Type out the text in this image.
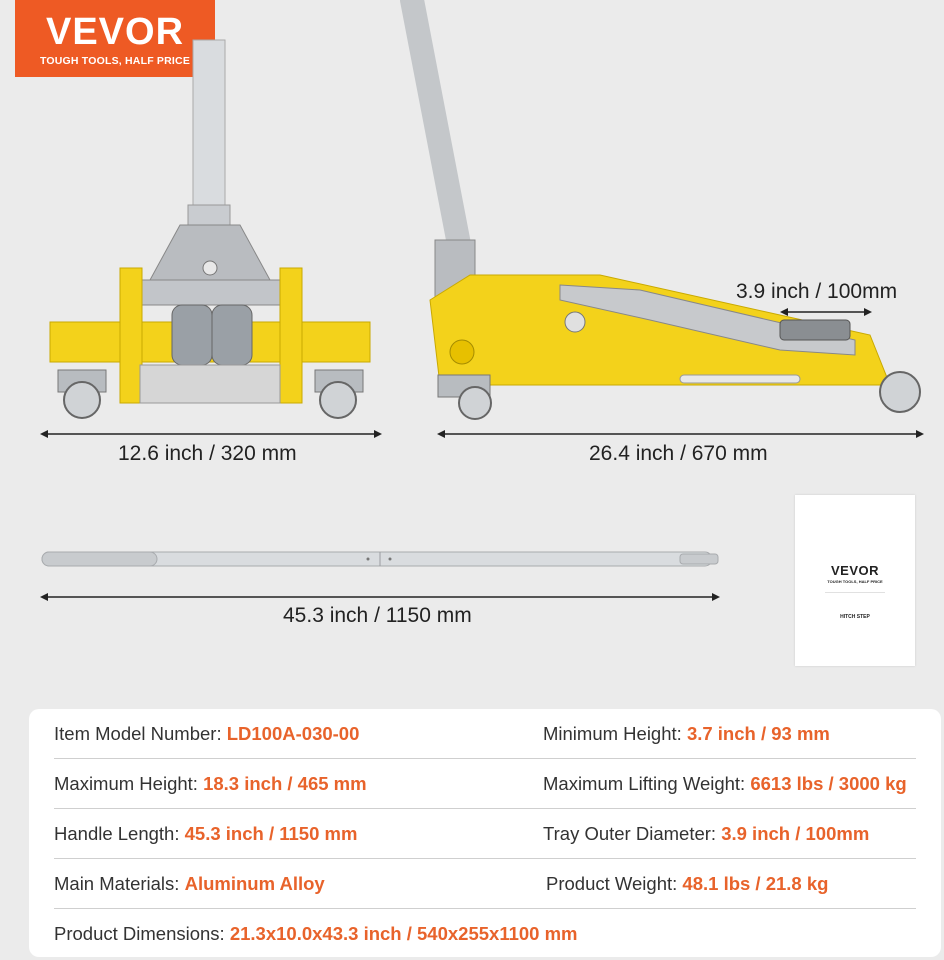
VEVOR
TOUGH TOOLS, HALF PRICE
3.9 inch / 100mm
12.6 inch / 320 mm	26.4 inch / 670 mm
45.3 inch / 1150 mm
VEVOR
TOUGH TOOLS, HALF PRICE
————————————————————
HITCH STEP
Item Model Number: LD100A-030-00	Minimum Height: 3.7 inch / 93 mm
Maximum Height: 18.3 inch / 465 mm	Maximum Lifting Weight: 6613 lbs / 3000 kg
Handle Length: 45.3 inch / 1150 mm	Tray Outer Diameter: 3.9 inch / 100mm
Main Materials: Aluminum Alloy	Product Weight: 48.1 lbs / 21.8 kg
Product Dimensions: 21.3x10.0x43.3 inch / 540x255x1100 mm
